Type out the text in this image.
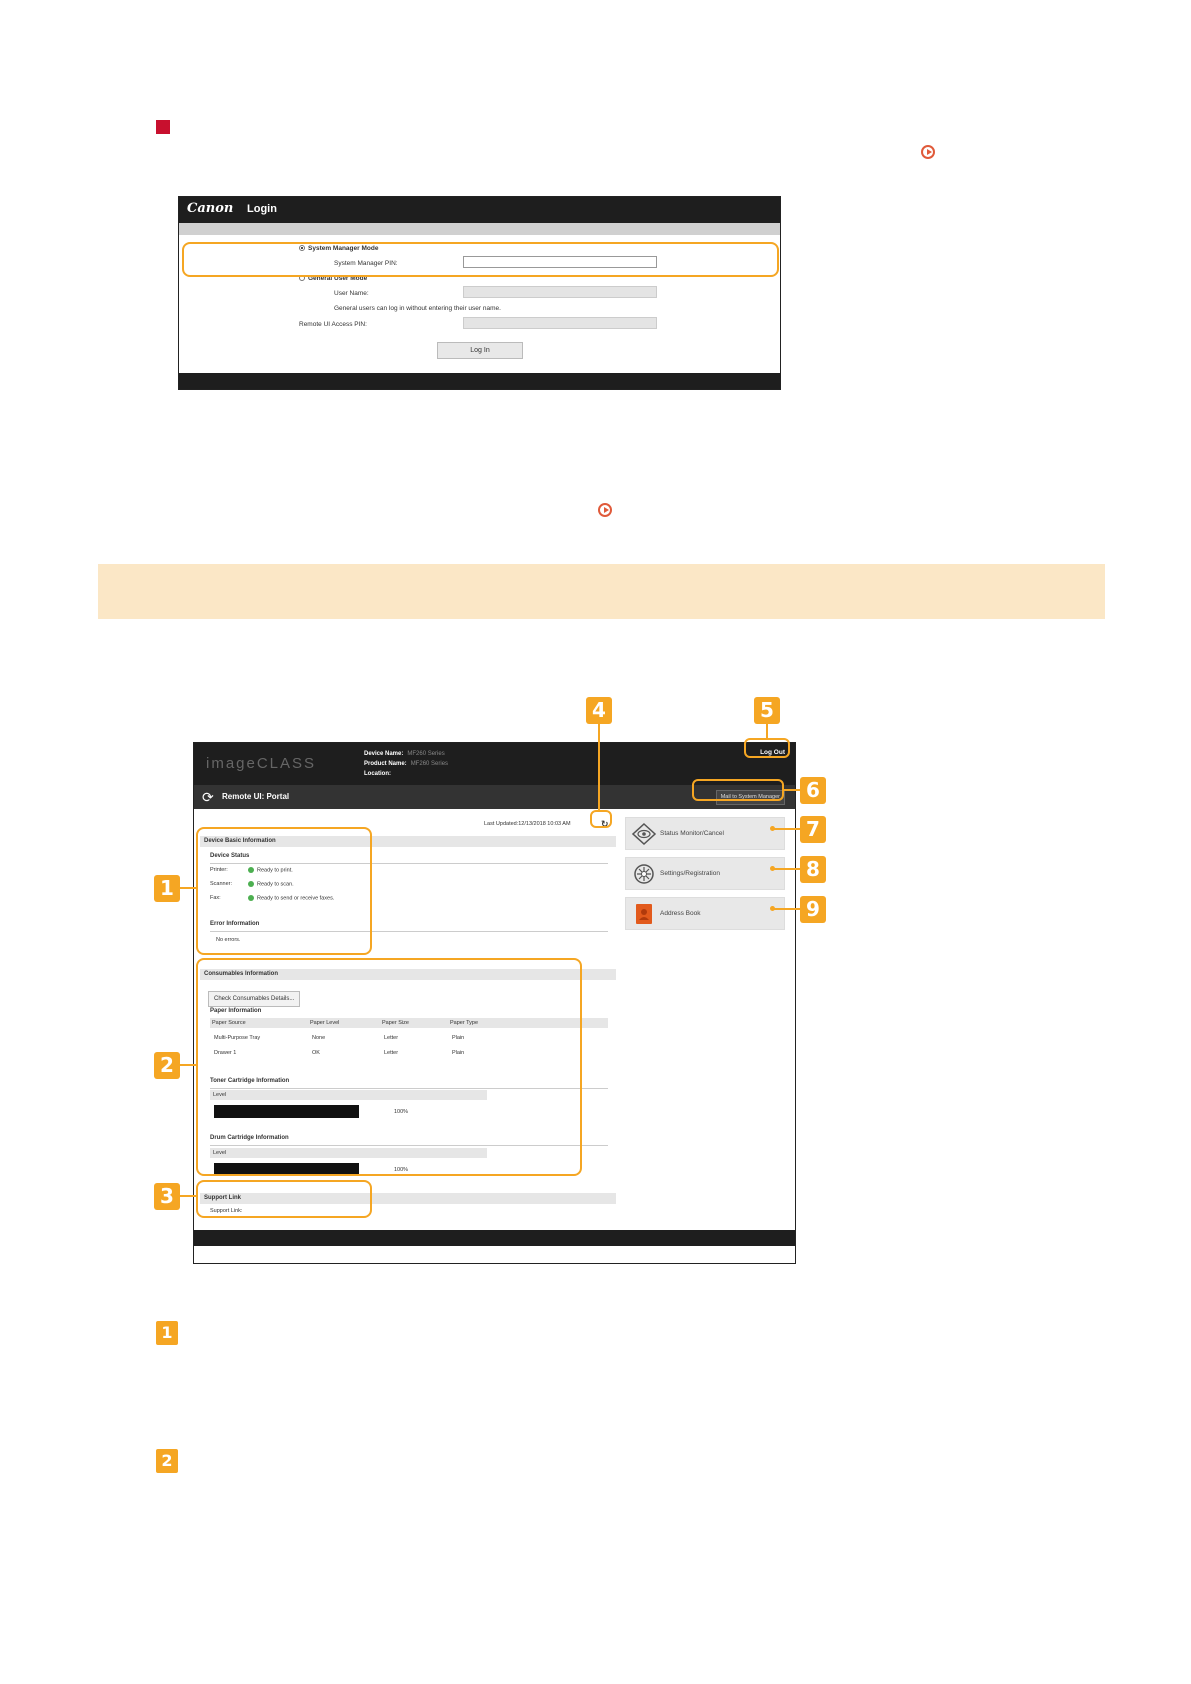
Canon Login
System Manager Mode
System Manager PIN:
General User Mode
User Name:
General users can log in without entering their user name.
Remote UI Access PIN:
Log In
imageCLASS
Device Name: MF260 Series
Product Name: MF260 Series
Location:
Log Out
⟳ Remote UI: Portal	Mail to System Manager
Last Updated:12/13/2018 10:03 AM	↻
Device Basic Information
Device Status
Printer:	Ready to print.
Scanner:	Ready to scan.
Fax:	Ready to send or receive faxes.
Error Information
No errors.
Consumables Information
Check Consumables Details...
Paper Information
Paper Source	Paper Level	Paper Size	Paper Type
Multi-Purpose Tray	None	Letter	Plain
Drawer 1	OK	Letter	Plain
Toner Cartridge Information
Level
100%
Drum Cartridge Information
Level
100%
Support Link
Support Link:
Status Monitor/Cancel
Settings/Registration
Address Book
1
2
3
4	5
6
7
8
9
1
2
